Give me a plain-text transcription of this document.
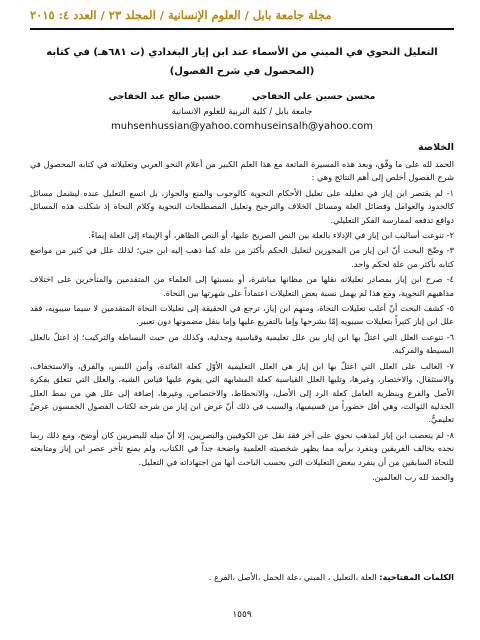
مجلة جامعة بابل / العلوم الإنسانية / المجلد ٢٣ / العدد ٤: ٢٠١٥
التعليل النحوي في المبني من الأسماء عند ابن إياز البغدادي (ت ٦٨١هـ) في كتابه
(المحصول في شرح الفصول)
محسن حسين علي الخفاجي حسين صالح عبد الخفاجي
جامعة بابل / كلية التربية للعلوم الانسانية
muhsenhussian@yahoo.comhuseinsalh@yahoo.com
الخلاصة

الحمد لله على ما وفّق، وبعد هذه المسيرة الماتعة مع هذا العلم الكبير من أعلام النحو العربي وتعليلاته في كتابه المحصول في شرح الفصول أخلص إلى أهم النتائج وهي :

١- لم يقتصر ابن إياز في تعليله على تعليل الأحكام النحوية كالوجوب والمنع والجواز، بل اتسع التعليل عنده ليشمل مسائل كالحدود والعوامل وفضائل العلة ومسائل الخلاف والترجيح وتعليل المصطلحات النحوية وكلام النحاة إذ شكلت هذه المسائل دوافع تدفعه لممارسة الفكر التعليلي.

٢- تنوعت أساليب ابن إياز في الإدلاء بالعلة بين النص الصريح عليها، أو النص الظاهر، أو الإيماء إلى العلة إيماءً.

٣- وضّحَ البحث أنّ ابن إياز من المجوزين لتعليل الحكم بأكثر من علة كما ذهب إليه ابن جني؛ لذلك علل في كثير من مواضع كتابه بأكثر من علة لحكم واحد.

٤- صرح ابن إياز بمصادر تعليلاته نقلها من مظانها مباشرة، أو بنسبتها إلى العلماء من المتقدمين والمتأخرين على اختلاف مذاهبهم النحوية، ومع هذا لم يهمل نسبة بعض التعليلات اعتماداً على شهرتها بين النحاة.

٥- كشف البحث أنّ أغلب تعليلات النحاة، ومنهم ابن إياز، ترجع في الحقيقة إلى تعليلات النحاة المتقدمين لا سيما سيبويه، فقد علل ابن إياز كثيراً بتعليلات سيبويه إمّا بشرحها وإما بالتفريع عليها وإما بنقل مضمونها دون تعبير.

٦- تنوعت العلل التي اعتلّ بها ابن إياز بين علل تعليمية وقياسية وجدلية، وكذلك من حيث البساطة والتركيب؛ إذ اعتلّ بالعلل البسيطة والمركبة.

٧- الغالب على العلل التي اعتلّ بها ابن إياز هي العلل التعليمية الأوّل كعلة الفائدة، وأمن اللبس، والفرق، والاستخفاف، والاستثقال، والاختصار، وغيرها، وتليها العلل القياسية كعلة المشابهة التي يقوم عليها قياس الشبه، والعلل التي تتعلق بفكرة الأصل والفرع وبنظرية العامل كعلة الرد إلى الأصل، والانحطاط، والاختصاص، وغيرها، إضافة إلى علل هي من نمط العلل الجدلية الثوالث، وهي أقل حضوراً من قسيميها، والسبب في ذلك أنّ غرض ابن إياز من شرحه لكتاب الفصول الخمسون عرضٌ تعليميٌّ.

٨- لم يتعصب ابن إياز لمذهب نحوي على آخر فقد نقل عن الكوفيين والبصريين، إلا أنّ ميله للبصريين كان أوضح، ومع ذلك ربما نجده يخالف الفريقين وينفرد برأيه مما يظهر شخصيته العلمية واضحة جداً في الكتاب، ولم يمنع تأخر عصر ابن إياز ومتابعته للنحاة السابقين من أن ينفرد ببعض التعليلات التي بحسب الباحث أنها من اجتهاداته في التعليل.

والحمد لله رب العالمين.

الكلمات المفتاحية: العلة ،التعليل ، المبني ،علة الحمل ،الأصل ،الفرع .
١٥٥٩
